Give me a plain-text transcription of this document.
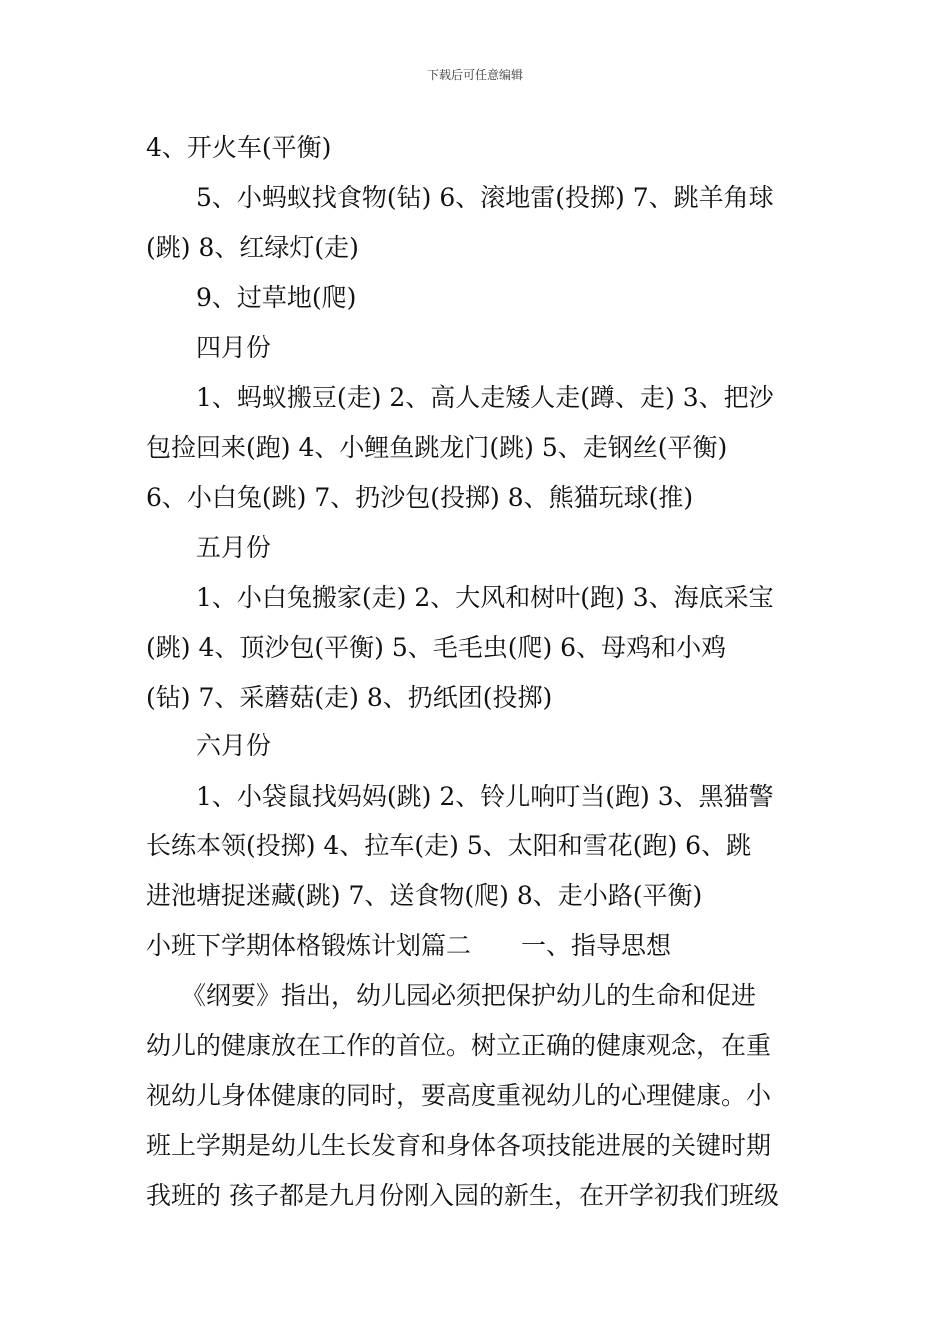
下载后可任意编辑
4、开火车(平衡)
5、小蚂蚁找食物(钻) 6、滚地雷(投掷) 7、跳羊角球
(跳) 8、红绿灯(走)
9、过草地(爬)
四月份
1、蚂蚁搬豆(走) 2、高人走矮人走(蹲、走) 3、把沙
包捡回来(跑) 4、小鲤鱼跳龙门(跳) 5、走钢丝(平衡)
6、小白兔(跳) 7、扔沙包(投掷) 8、熊猫玩球(推)
五月份
1、小白兔搬家(走) 2、大风和树叶(跑) 3、海底采宝
(跳) 4、顶沙包(平衡) 5、毛毛虫(爬) 6、母鸡和小鸡
(钻) 7、采蘑菇(走) 8、扔纸团(投掷)
六月份
1、小袋鼠找妈妈(跳) 2、铃儿响叮当(跑) 3、黑猫警
长练本领(投掷) 4、拉车(走) 5、太阳和雪花(跑) 6、跳
进池塘捉迷藏(跳) 7、送食物(爬) 8、走小路(平衡)
小班下学期体格锻炼计划篇二　　一、指导思想
《纲要》指出，幼儿园必须把保护幼儿的生命和促进
幼儿的健康放在工作的首位。树立正确的健康观念，在重
视幼儿身体健康的同时，要高度重视幼儿的心理健康。小
班上学期是幼儿生长发育和身体各项技能进展的关键时期
我班的 孩子都是九月份刚入园的新生，在开学初我们班级
